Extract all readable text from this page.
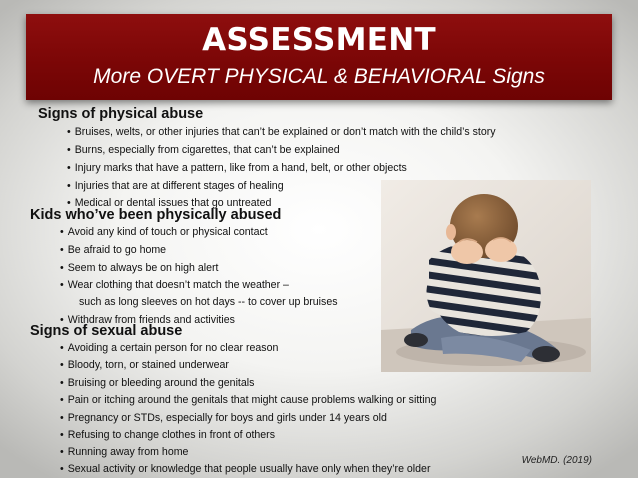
ASSESSMENT
More OVERT PHYSICAL & BEHAVIORAL Signs
Signs of physical abuse
• Bruises, welts, or other injuries that can’t be explained or don’t match with the child’s story
• Burns, especially from cigarettes, that can’t be explained
• Injury marks that have a pattern, like from a hand, belt, or other objects
• Injuries that are at different stages of healing
• Medical or dental issues that go untreated
Kids who’ve been physically abused
• Avoid any kind of touch or physical contact
• Be afraid to go home
• Seem to always be on high alert
• Wear clothing that doesn’t match the weather –
such as long sleeves on hot days -- to cover up bruises
• Withdraw from friends and activities
Signs of sexual abuse
• Avoiding a certain person for no clear reason
• Bloody, torn, or stained underwear
• Bruising or bleeding around the genitals
• Pain or itching around the genitals that might cause problems walking or sitting
• Pregnancy or STDs, especially for boys and girls under 14 years old
• Refusing to change clothes in front of others
• Running away from home
• Sexual activity or knowledge that people usually have only when they’re older
WebMD. (2019)
